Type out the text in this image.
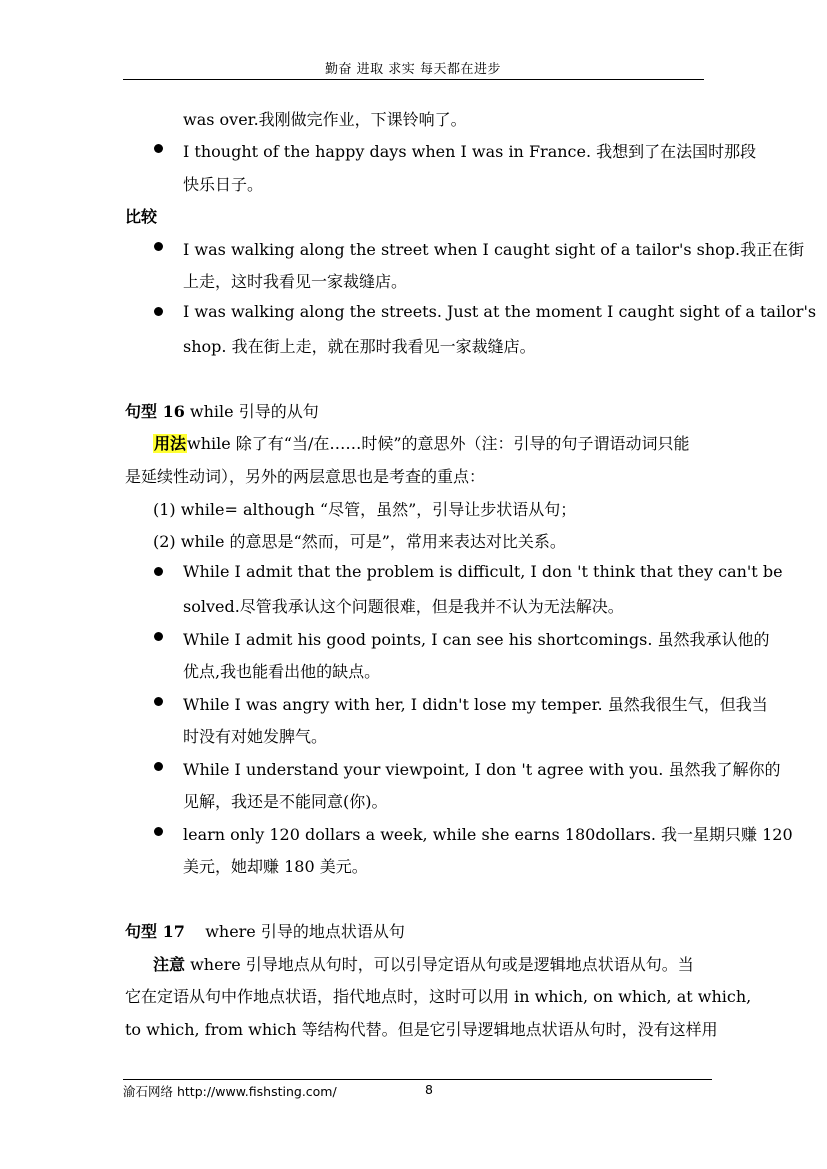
勤奋 进取 求实 每天都在进步
was over.我刚做完作业，下课铃响了。
I thought of the happy days when I was in France. 我想到了在法国时那段
快乐日子。
比较
I was walking along the street when I caught sight of a tailor's shop.我正在街
上走，这时我看见一家裁缝店。
I was walking along the streets. Just at the moment I caught sight of a tailor's
shop. 我在街上走，就在那时我看见一家裁缝店。
句型 16 while 引导的从句
用法while 除了有“当/在……时候”的意思外（注：引导的句子谓语动词只能
是延续性动词），另外的两层意思也是考查的重点：
(1) while= although “尽管，虽然”，引导让步状语从句；
(2) while 的意思是“然而，可是”，常用来表达对比关系。
While I admit that the problem is difficult, I don 't think that they can't be
solved.尽管我承认这个问题很难，但是我并不认为无法解决。
While I admit his good points, I can see his shortcomings. 虽然我承认他的
优点,我也能看出他的缺点。
While I was angry with her, I didn't lose my temper. 虽然我很生气，但我当
时没有对她发脾气。
While I understand your viewpoint, I don 't agree with you. 虽然我了解你的
见解，我还是不能同意(你)。
learn only 120 dollars a week, while she earns 180dollars. 我一星期只赚 120
美元，她却赚 180 美元。
句型 17    where 引导的地点状语从句
注意 where 引导地点从句时，可以引导定语从句或是逻辑地点状语从句。当
它在定语从句中作地点状语，指代地点时，这时可以用 in which, on which, at which,
to which, from which 等结构代替。但是它引导逻辑地点状语从句时，没有这样用
渝石网络 http://www.fishsting.com/	8
